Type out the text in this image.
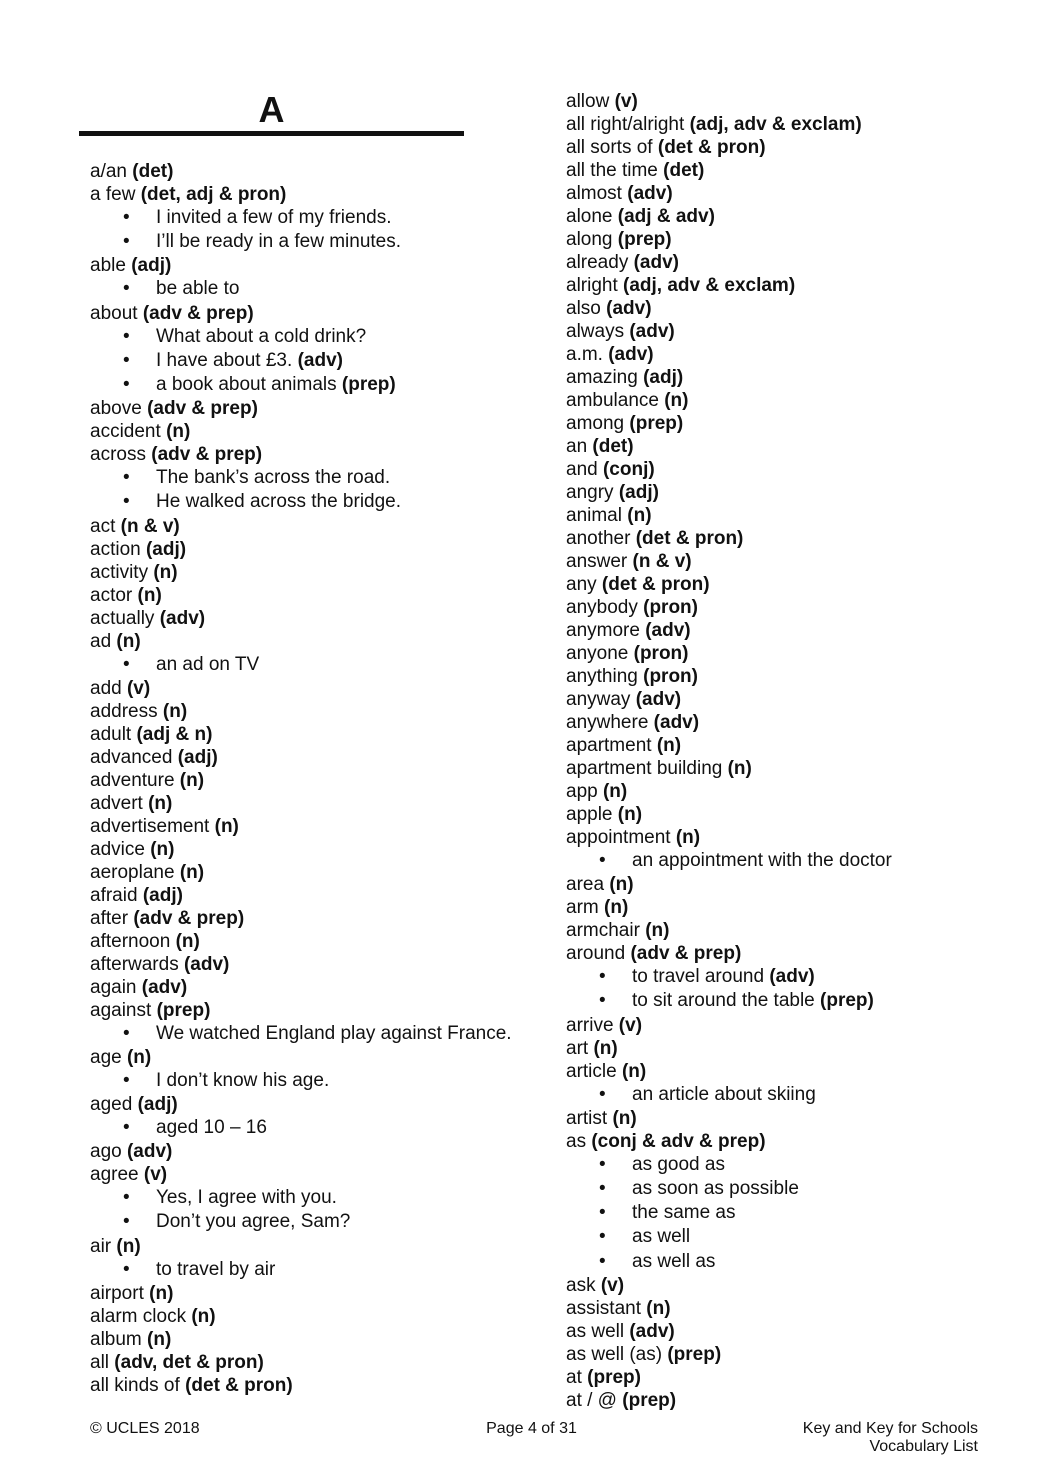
A
a/an (det)
a few (det, adj & pron)
• I invited a few of my friends.
• I’ll be ready in a few minutes.
able (adj)
• be able to
about (adv & prep)
• What about a cold drink?
• I have about £3. (adv)
• a book about animals (prep)
above (adv & prep)
accident (n)
across (adv & prep)
• The bank’s across the road.
• He walked across the bridge.
act (n & v)
action (adj)
activity (n)
actor (n)
actually (adv)
ad (n)
• an ad on TV
add (v)
address (n)
adult (adj & n)
advanced (adj)
adventure (n)
advert (n)
advertisement (n)
advice (n)
aeroplane (n)
afraid (adj)
after (adv & prep)
afternoon (n)
afterwards (adv)
again (adv)
against (prep)
• We watched England play against France.
age (n)
• I don’t know his age.
aged (adj)
• aged 10 – 16
ago (adv)
agree (v)
• Yes, I agree with you.
• Don’t you agree, Sam?
air (n)
• to travel by air
airport (n)
alarm clock (n)
album (n)
all (adv, det & pron)
all kinds of (det & pron)
allow (v)
all right/alright (adj, adv & exclam)
all sorts of (det & pron)
all the time (det)
almost (adv)
alone (adj & adv)
along (prep)
already (adv)
alright (adj, adv & exclam)
also (adv)
always (adv)
a.m. (adv)
amazing (adj)
ambulance (n)
among (prep)
an (det)
and (conj)
angry (adj)
animal (n)
another (det & pron)
answer (n & v)
any (det & pron)
anybody (pron)
anymore (adv)
anyone (pron)
anything (pron)
anyway (adv)
anywhere (adv)
apartment (n)
apartment building (n)
app (n)
apple (n)
appointment (n)
• an appointment with the doctor
area (n)
arm (n)
armchair (n)
around (adv & prep)
• to travel around (adv)
• to sit around the table (prep)
arrive (v)
art (n)
article (n)
• an article about skiing
artist (n)
as (conj & adv & prep)
• as good as
• as soon as possible
• the same as
• as well
• as well as
ask (v)
assistant (n)
as well (adv)
as well (as) (prep)
at (prep)
at / @ (prep)
© UCLES 2018	Page 4 of 31	Key and Key for Schools
Vocabulary List
